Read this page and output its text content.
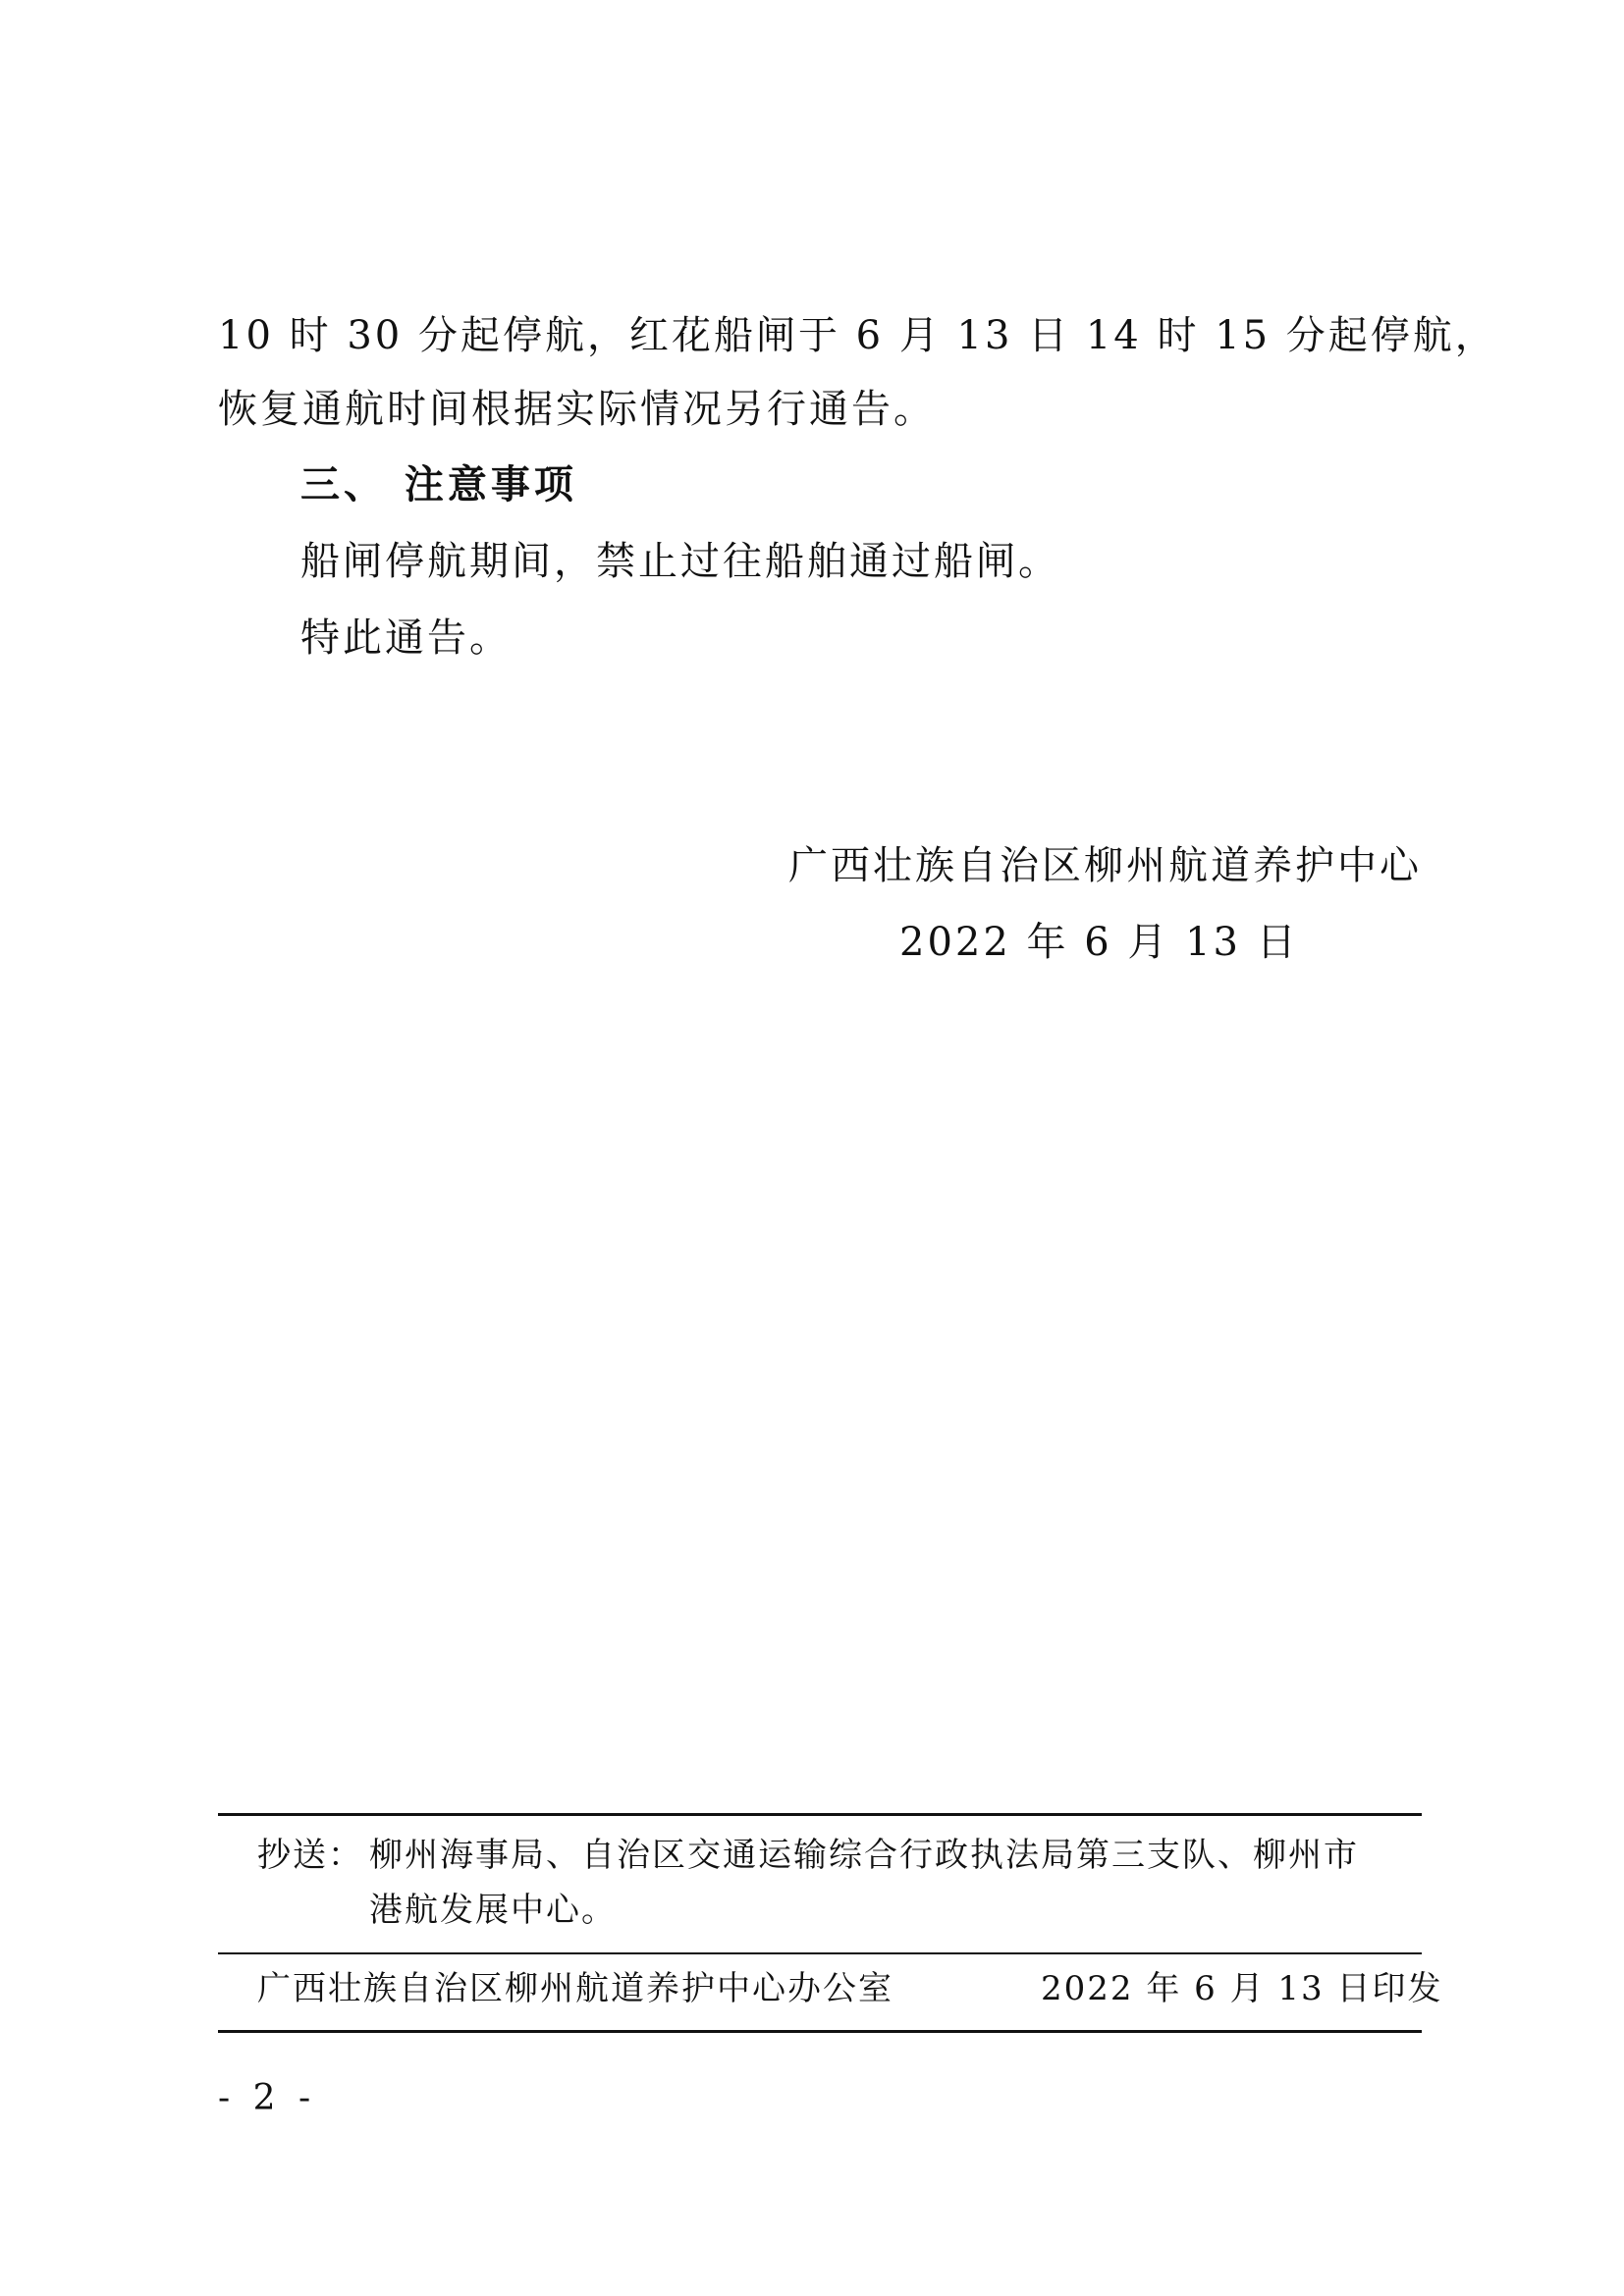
10 时 30 分起停航，红花船闸于 6 月 13 日 14 时 15 分起停航，
恢复通航时间根据实际情况另行通告。
三、 注意事项
船闸停航期间，禁止过往船舶通过船闸。
特此通告。
广西壮族自治区柳州航道养护中心
2022 年 6 月 13 日
抄送： 柳州海事局、自治区交通运输综合行政执法局第三支队、柳州市
港航发展中心。
广西壮族自治区柳州航道养护中心办公室	2022 年 6 月 13 日印发
- 2 -
